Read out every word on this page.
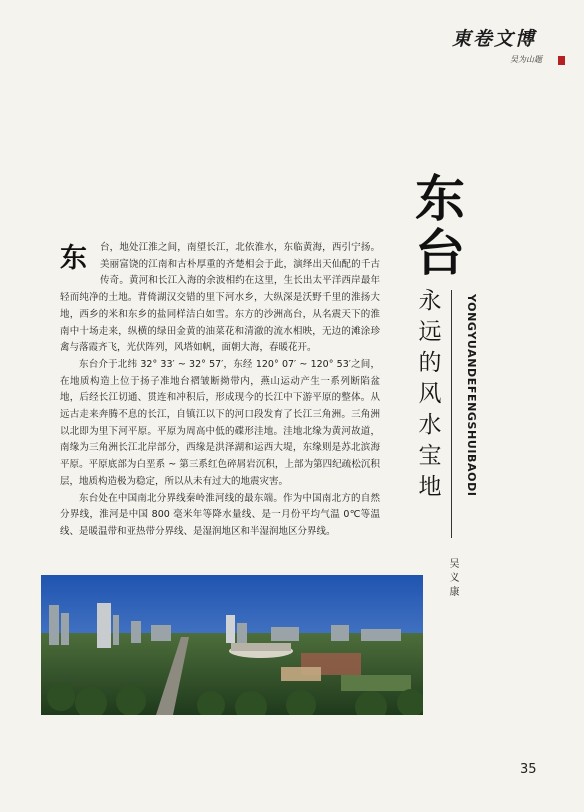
東卷文博
吴为山题
东
台
永
远
的
风
水
宝
地	YONGYUANDEFENGSHUIBAODI
吴义康

东	台，地处江淮之间，南望长江，北依淮水，东临黄海，西引宁扬。美丽富饶的江南和古朴厚重的齐楚相会于此，演绎出天仙配的千古传奇。黄河和长江入海的余波相约在这里，生长出太平洋西岸最年轻而纯净的土地。背倚湖汉交错的里下河水乡，大纵深是沃野千里的淮扬大地，西乡的米和东乡的盐同样洁白如雪。东方的沙洲高台，从名震天下的淮南中十场走来，纵横的绿田金黄的油菜花和清澈的流水相映，无边的滩涂珍禽与落霞齐飞，光伏阵列，风塔如帆，面朝大海，春暖花开。

东台介于北纬 32° 33′ ~ 32° 57′，东经 120° 07′ ~ 120° 53′之间，在地质构造上位于扬子准地台褶皱断拗带内，燕山运动产生一系列断陷盆地，后经长江切通、贯连和冲积后，形成现今的长江中下游平原的整体。从远古走来奔腾不息的长江，自镇江以下的河口段发育了长江三角洲。三角洲以北即为里下河平原。平原为周高中低的碟形洼地。洼地北缘为黄河故道，南缘为三角洲长江北岸部分，西缘是洪泽湖和运西大堤，东缘则是苏北滨海平原。平原底部为白垩系 ~ 第三系红色碎屑岩沉积，上部为第四纪疏松沉积层，地质构造极为稳定，所以从未有过大的地震灾害。

东台处在中国南北分界线秦岭淮河线的最东端。作为中国南北方的自然分界线，淮河是中国 800 毫米年等降水量线、是一月份平均气温 0℃等温线、是暖温带和亚热带分界线、是湿润地区和半湿润地区分界线。

35
